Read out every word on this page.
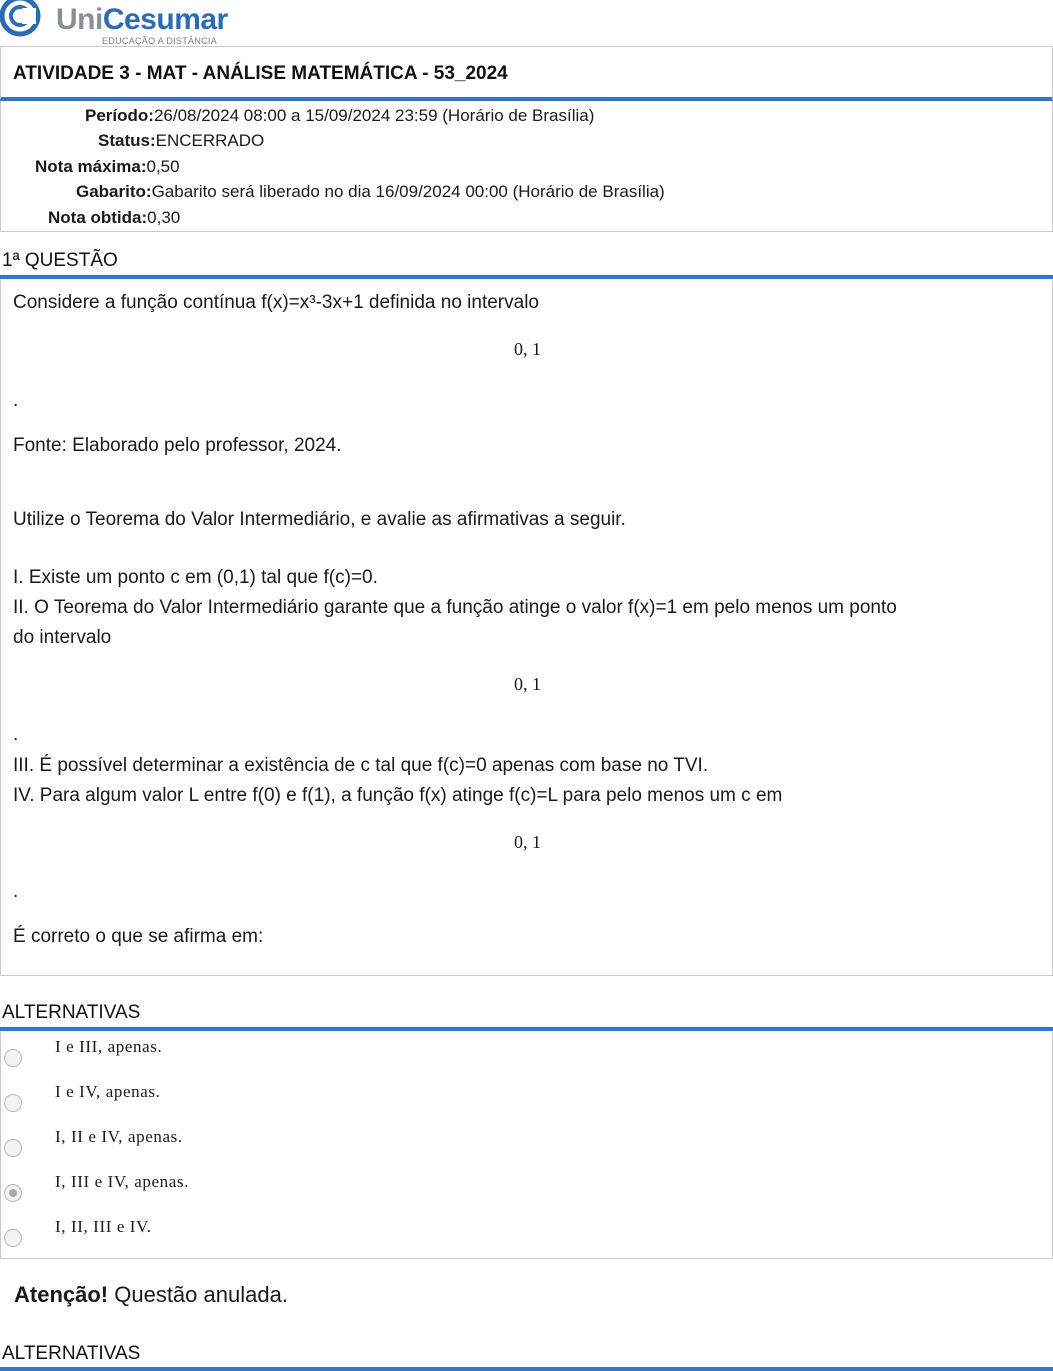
UniCesumar
EDUCAÇÃO A DISTÂNCIA
ATIVIDADE 3 - MAT - ANÁLISE MATEMÁTICA - 53_2024
Período:26/08/2024 08:00 a 15/09/2024 23:59 (Horário de Brasília)
Status:ENCERRADO
Nota máxima:0,50
Gabarito:Gabarito será liberado no dia 16/09/2024 00:00 (Horário de Brasília)
Nota obtida:0,30
1ª QUESTÃO
Considere a função contínua f(x)=x³-3x+1 definida no intervalo
0, 1
.
Fonte: Elaborado pelo professor, 2024.
Utilize o Teorema do Valor Intermediário, e avalie as afirmativas a seguir.
I. Existe um ponto c em (0,1) tal que f(c)=0.
II. O Teorema do Valor Intermediário garante que a função atinge o valor f(x)=1 em pelo menos um ponto
do intervalo
0, 1
.
III. É possível determinar a existência de c tal que f(c)=0 apenas com base no TVI.
IV. Para algum valor L entre f(0) e f(1), a função f(x) atinge f(c)=L para pelo menos um c em
0, 1
.
É correto o que se afirma em:
ALTERNATIVAS
I e III, apenas.
I e IV, apenas.
I, II e IV, apenas.
I, III e IV, apenas.
I, II, III e IV.
Atenção! Questão anulada.
ALTERNATIVAS
